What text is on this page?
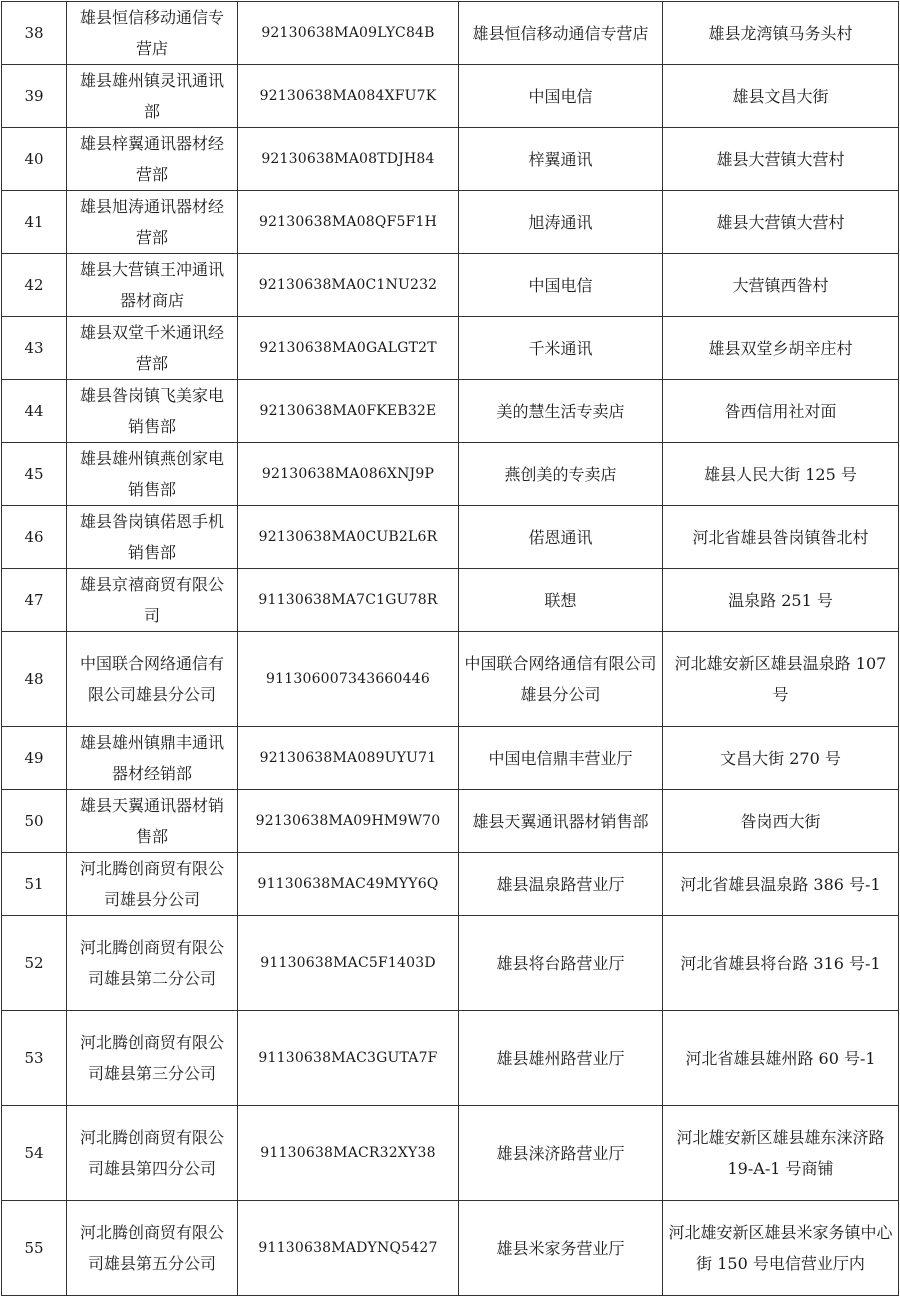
38	雄县恒信移动通信专营店	92130638MA09LYC84B	雄县恒信移动通信专营店	雄县龙湾镇马务头村
39	雄县雄州镇灵讯通讯部	92130638MA084XFU7K	中国电信	雄县文昌大街
40	雄县梓翼通讯器材经营部	92130638MA08TDJH84	梓翼通讯	雄县大营镇大营村
41	雄县旭涛通讯器材经营部	92130638MA08QF5F1H	旭涛通讯	雄县大营镇大营村
42	雄县大营镇王冲通讯器材商店	92130638MA0C1NU232	中国电信	大营镇西昝村
43	雄县双堂千米通讯经营部	92130638MA0GALGT2T	千米通讯	雄县双堂乡胡辛庄村
44	雄县昝岗镇飞美家电销售部	92130638MA0FKEB32E	美的慧生活专卖店	昝西信用社对面
45	雄县雄州镇燕创家电销售部	92130638MA086XNJ9P	燕创美的专卖店	雄县人民大街 125 号
46	雄县昝岗镇偌恩手机销售部	92130638MA0CUB2L6R	偌恩通讯	河北省雄县昝岗镇昝北村
47	雄县京禧商贸有限公司	91130638MA7C1GU78R	联想	温泉路 251 号
48	中国联合网络通信有限公司雄县分公司	911306007343660446	中国联合网络通信有限公司雄县分公司	河北雄安新区雄县温泉路 107 号
49	雄县雄州镇鼎丰通讯器材经销部	92130638MA089UYU71	中国电信鼎丰营业厅	文昌大街 270 号
50	雄县天翼通讯器材销售部	92130638MA09HM9W70	雄县天翼通讯器材销售部	昝岗西大街
51	河北腾创商贸有限公司雄县分公司	91130638MAC49MYY6Q	雄县温泉路营业厅	河北省雄县温泉路 386 号-1
52	河北腾创商贸有限公司雄县第二分公司	91130638MAC5F1403D	雄县将台路营业厅	河北省雄县将台路 316 号-1
53	河北腾创商贸有限公司雄县第三分公司	91130638MAC3GUTA7F	雄县雄州路营业厅	河北省雄县雄州路 60 号-1
54	河北腾创商贸有限公司雄县第四分公司	91130638MACR32XY38	雄县涞济路营业厅	河北雄安新区雄县雄东涞济路 19-A-1 号商铺
55	河北腾创商贸有限公司雄县第五分公司	91130638MADYNQ5427	雄县米家务营业厅	河北雄安新区雄县米家务镇中心街 150 号电信营业厅内
